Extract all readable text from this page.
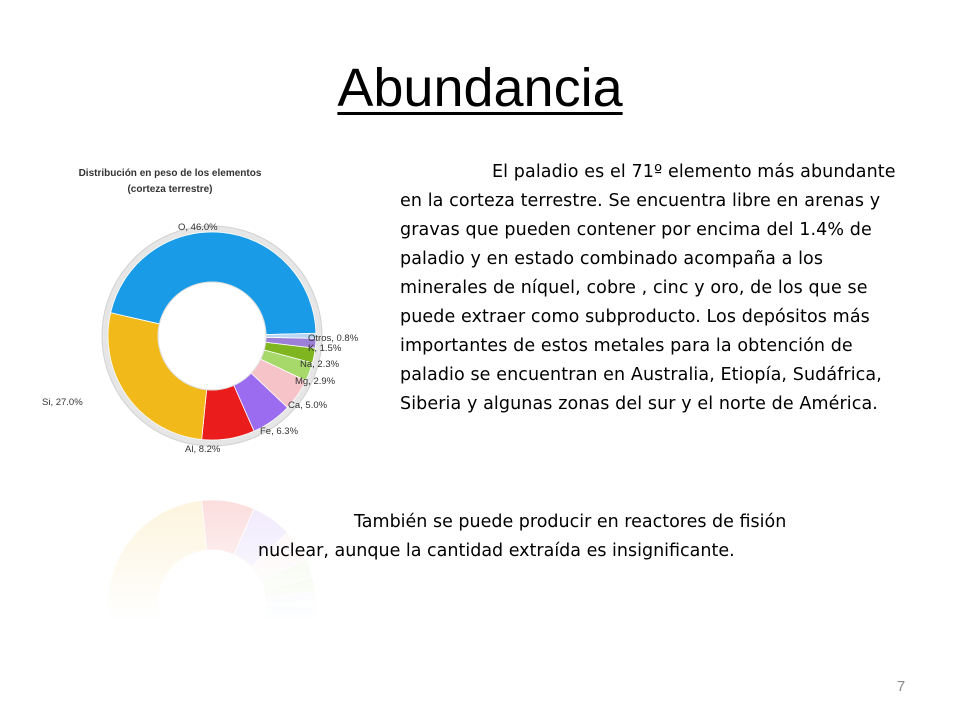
Abundancia
Distribución en peso de los elementos
(corteza terrestre)
O, 46.0%
Otros, 0.8%
K, 1.5%
Na, 2.3%
Mg, 2.9%
Ca, 5.0%
Fe, 6.3%
Al, 8.2%
Si, 27.0%
El paladio es el 71º elemento más abundante en la corteza terrestre. Se encuentra libre en arenas y gravas que pueden contener por encima del 1.4% de paladio y en estado combinado acompaña a los minerales de níquel, cobre , cinc y oro, de los que se puede extraer como subproducto. Los depósitos más importantes de estos metales para la obtención de paladio se encuentran en Australia, Etiopía, Sudáfrica, Siberia y algunas zonas del sur y el norte de América.
También se puede producir en reactores de fisión nuclear, aunque la cantidad extraída es insignificante.
7
